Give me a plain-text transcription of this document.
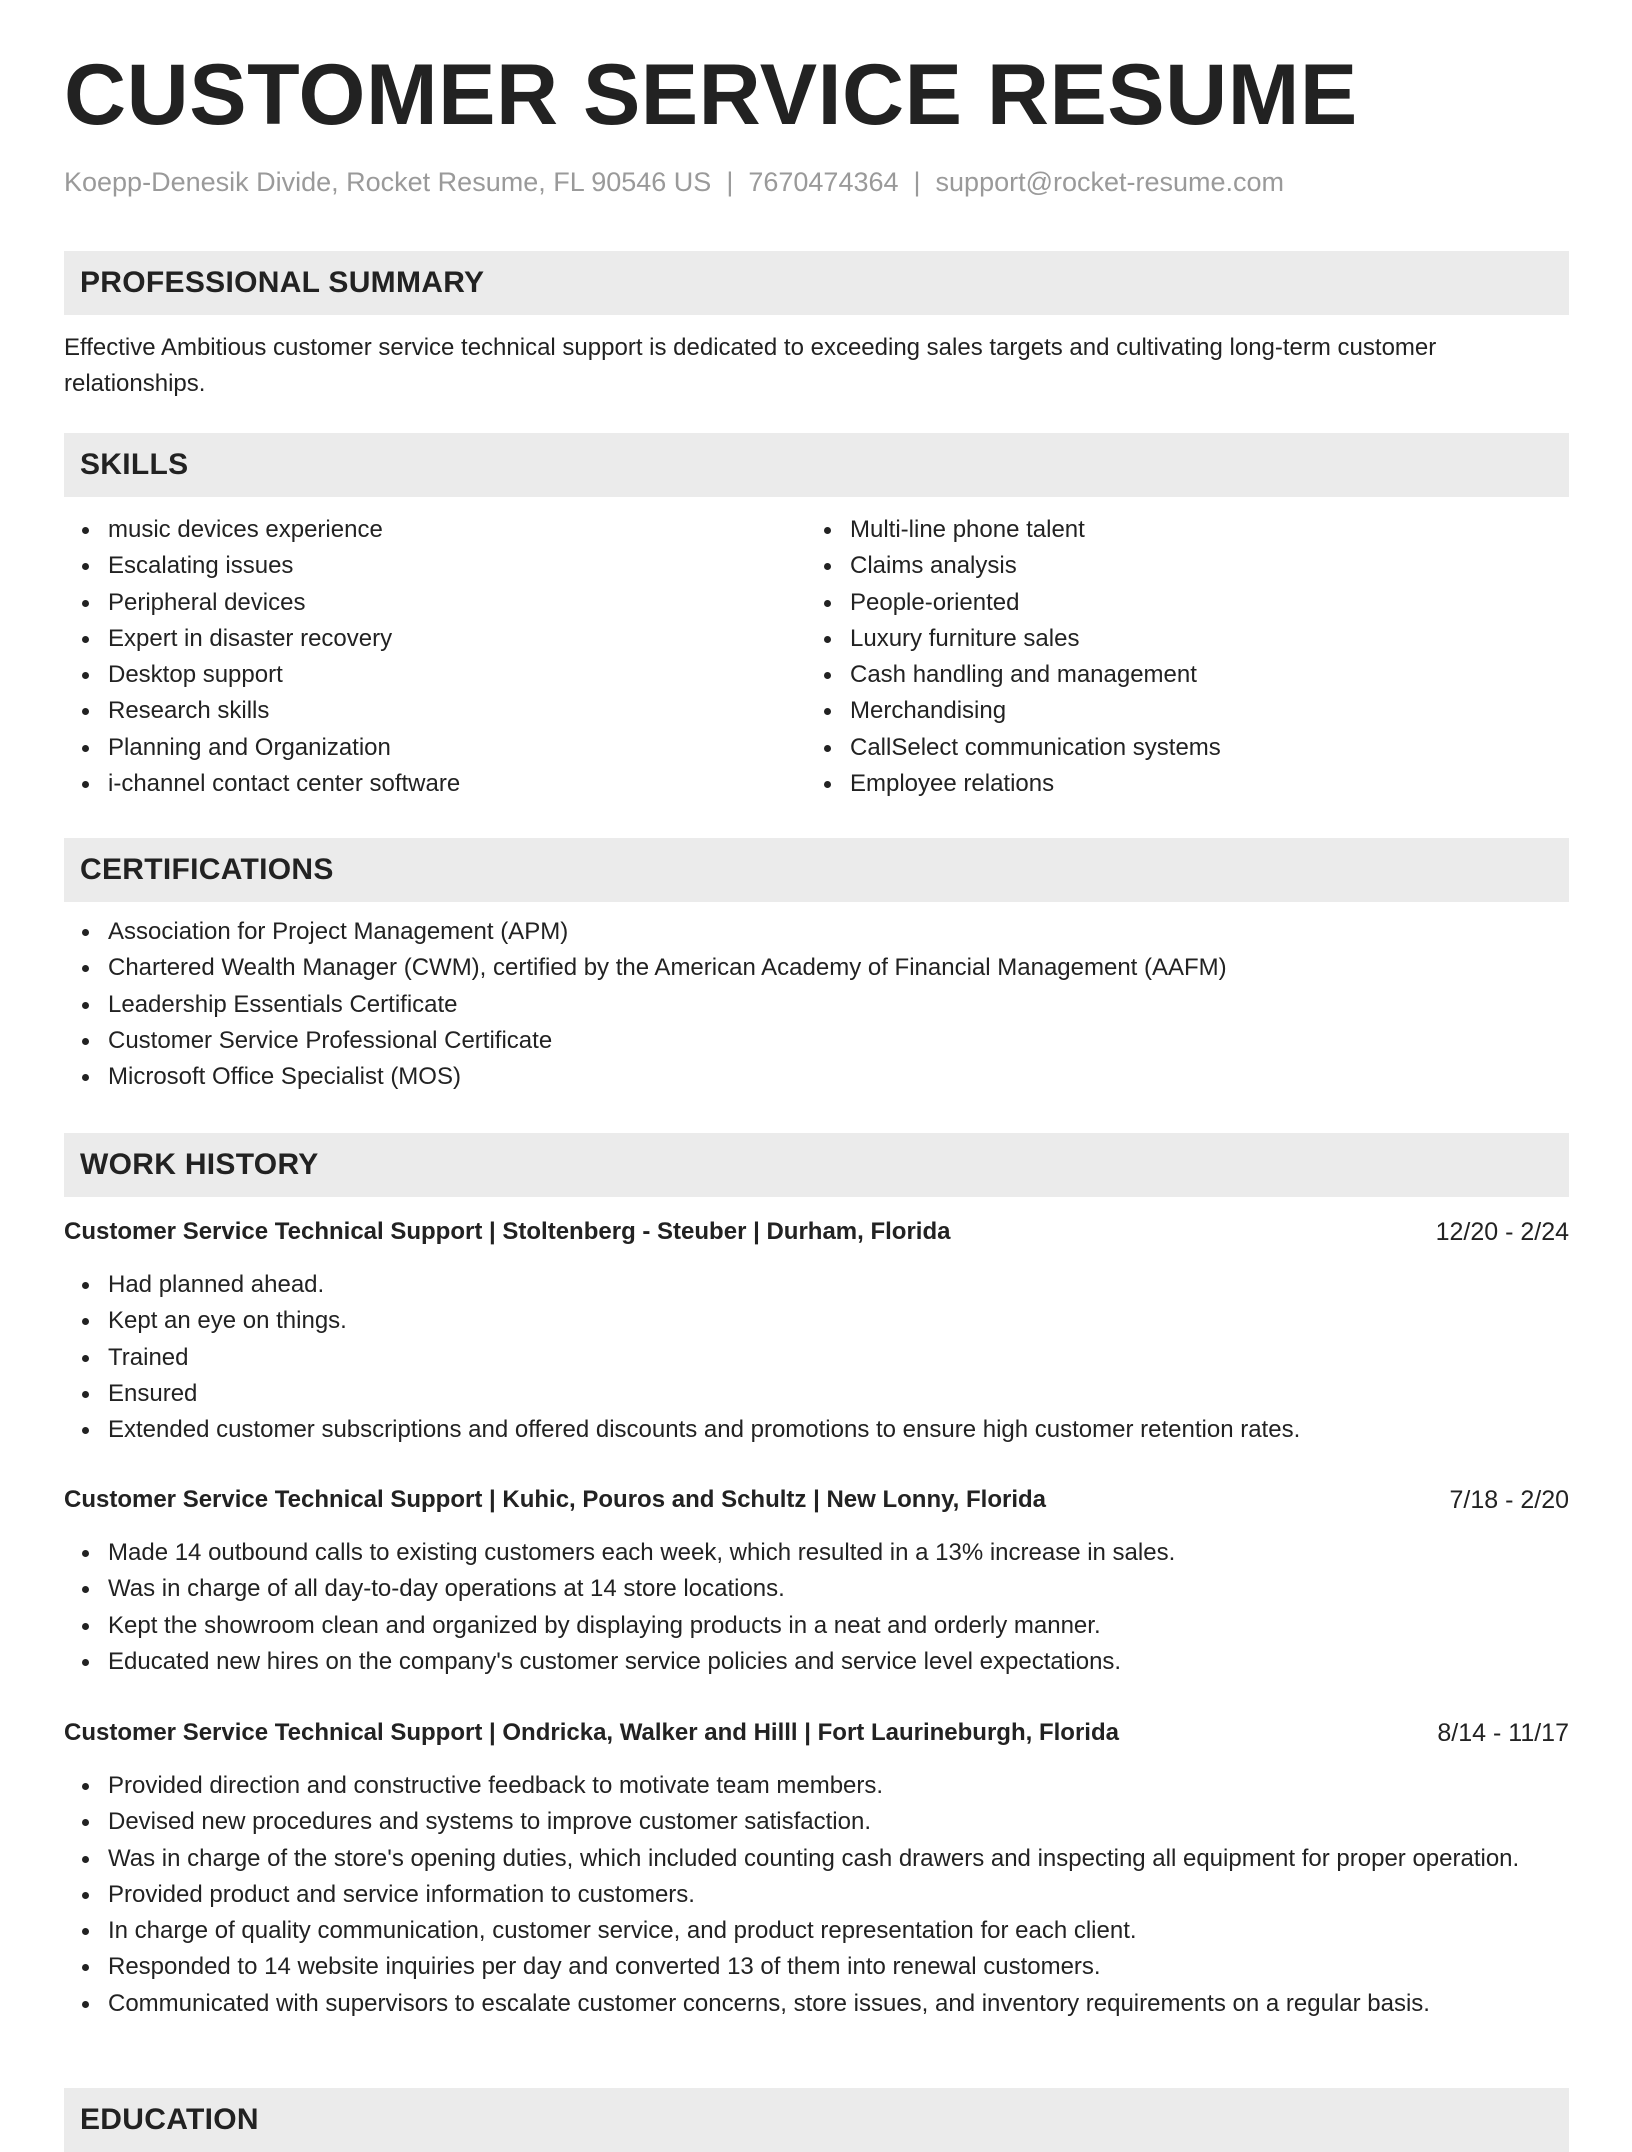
CUSTOMER SERVICE RESUME
Koepp-Denesik Divide, Rocket Resume, FL 90546 US | 7670474364 | support@rocket-resume.com
PROFESSIONAL SUMMARY

Effective Ambitious customer service technical support is dedicated to exceeding sales targets and cultivating long-term customer relationships.

SKILLS
music devices experience
Escalating issues
Peripheral devices
Expert in disaster recovery
Desktop support
Research skills
Planning and Organization
i-channel contact center software
Multi-line phone talent
Claims analysis
People-oriented
Luxury furniture sales
Cash handling and management
Merchandising
CallSelect communication systems
Employee relations
CERTIFICATIONS
Association for Project Management (APM)
Chartered Wealth Manager (CWM), certified by the American Academy of Financial Management (AAFM)
Leadership Essentials Certificate
Customer Service Professional Certificate
Microsoft Office Specialist (MOS)
WORK HISTORY
Customer Service Technical Support | Stoltenberg - Steuber | Durham, Florida	12/20 - 2/24
Had planned ahead.
Kept an eye on things.
Trained
Ensured
Extended customer subscriptions and offered discounts and promotions to ensure high customer retention rates.
Customer Service Technical Support | Kuhic, Pouros and Schultz | New Lonny, Florida	7/18 - 2/20
Made 14 outbound calls to existing customers each week, which resulted in a 13% increase in sales.
Was in charge of all day-to-day operations at 14 store locations.
Kept the showroom clean and organized by displaying products in a neat and orderly manner.
Educated new hires on the company's customer service policies and service level expectations.
Customer Service Technical Support | Ondricka, Walker and Hilll | Fort Laurineburgh, Florida	8/14 - 11/17
Provided direction and constructive feedback to motivate team members.
Devised new procedures and systems to improve customer satisfaction.
Was in charge of the store's opening duties, which included counting cash drawers and inspecting all equipment for proper operation.
Provided product and service information to customers.
In charge of quality communication, customer service, and product representation for each client.
Responded to 14 website inquiries per day and converted 13 of them into renewal customers.
Communicated with supervisors to escalate customer concerns, store issues, and inventory requirements on a regular basis.
EDUCATION
